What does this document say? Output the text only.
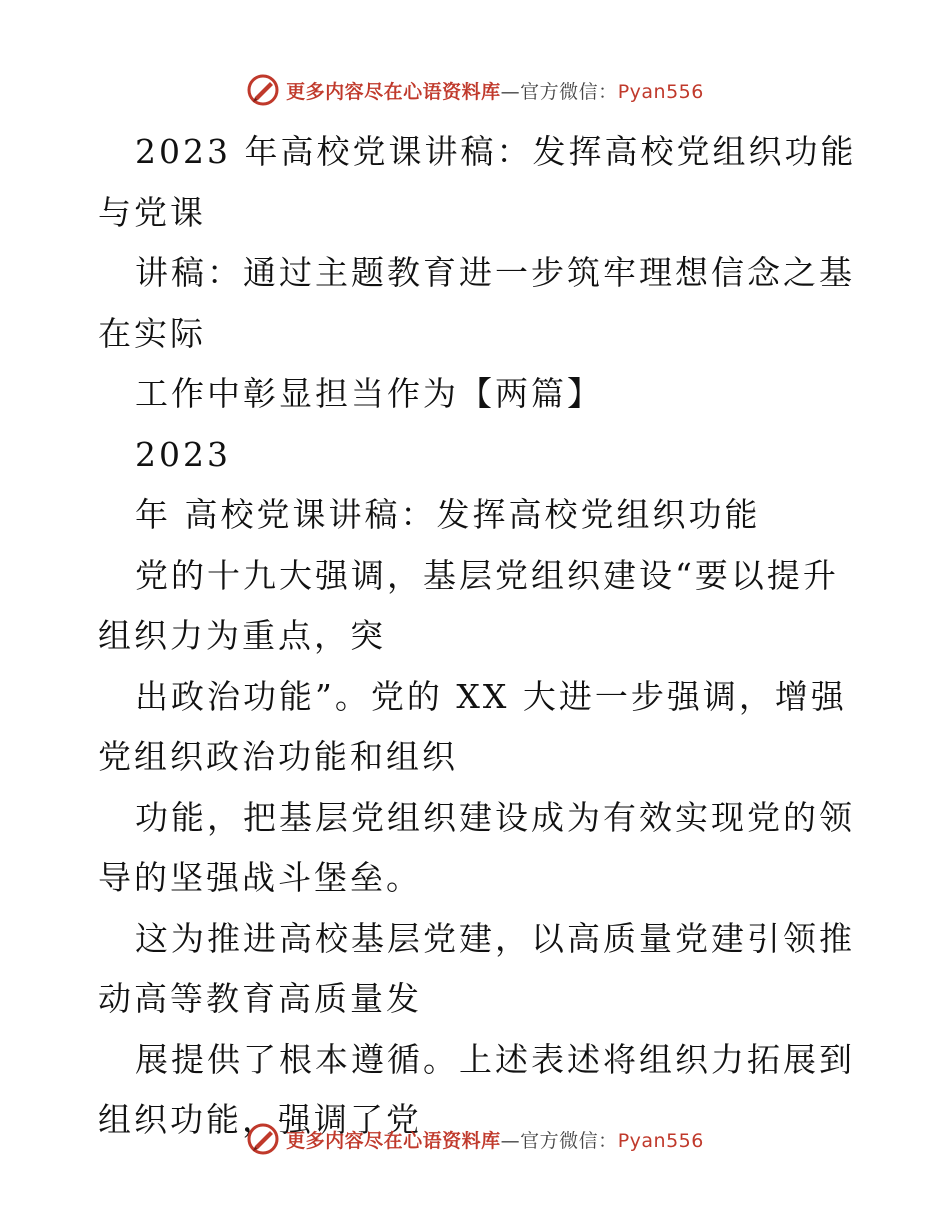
更多内容尽在心语资料库—官方微信：Pyan556

2023 年高校党课讲稿：发挥高校党组织功能与党课

讲稿：通过主题教育进一步筑牢理想信念之基在实际

工作中彰显担当作为【两篇】

2023

年 高校党课讲稿：发挥高校党组织功能

党的十九大强调，基层党组织建设“要以提升组织力为重点，突

出政治功能”。党的 XX 大进一步强调，增强党组织政治功能和组织

功能，把基层党组织建设成为有效实现党的领导的坚强战斗堡垒。

这为推进高校基层党建，以高质量党建引领推动高等教育高质量发

展提供了根本遵循。上述表述将组织力拓展到组织功能，强调了党

更多内容尽在心语资料库—官方微信：Pyan556
